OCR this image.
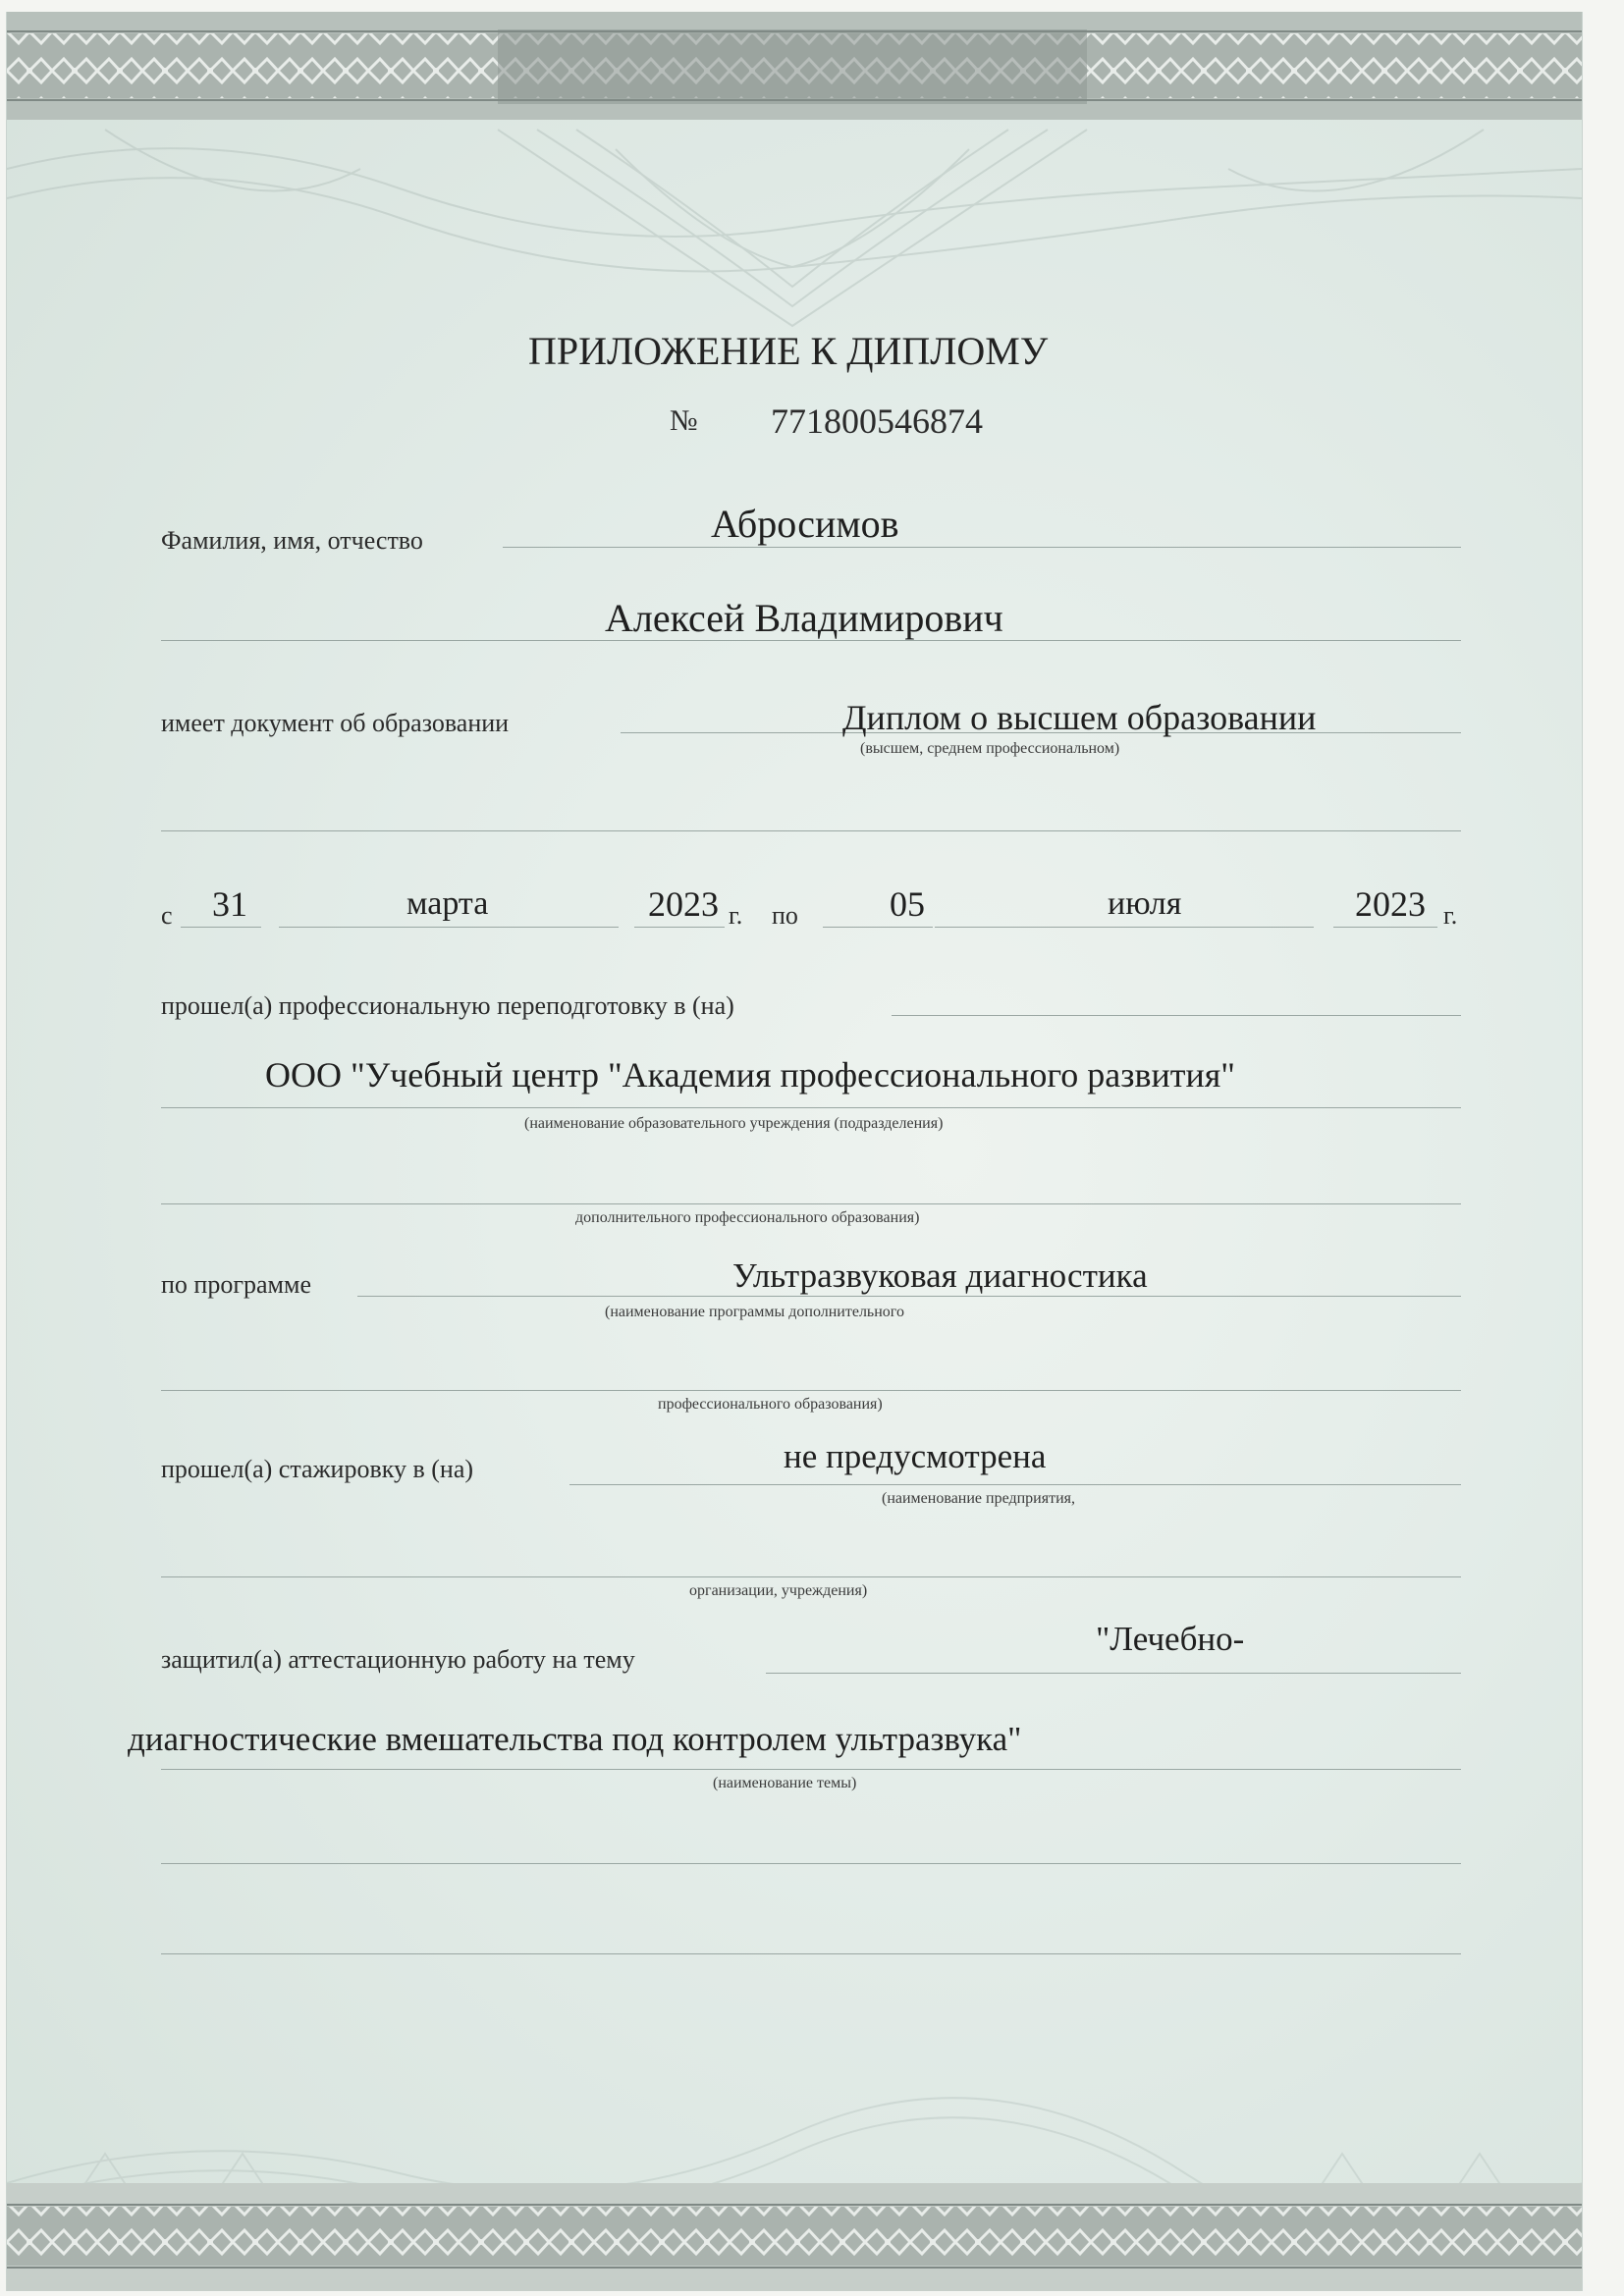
ПРИЛОЖЕНИЕ К ДИПЛОМУ
№ 771800546874
Фамилия, имя, отчество	Абросимов
Алексей Владимирович
имеет документ об образовании	Диплом о высшем образовании
(высшем, среднем профессиональном)
с 31	марта	2023 г. по	05	июля	2023 г.
прошел(а) профессиональную переподготовку в (на)
ООО "Учебный центр "Академия профессионального развития"
(наименование образовательного учреждения (подразделения)
дополнительного профессионального образования)
по программе	Ультразвуковая диагностика
(наименование программы дополнительного
профессионального образования)
прошел(а) стажировку в (на)	не предусмотрена
(наименование предприятия,
организации, учреждения)
защитил(а) аттестационную работу на тему
"Лечебно-
диагностические вмешательства под контролем ультразвука"
(наименование темы)
